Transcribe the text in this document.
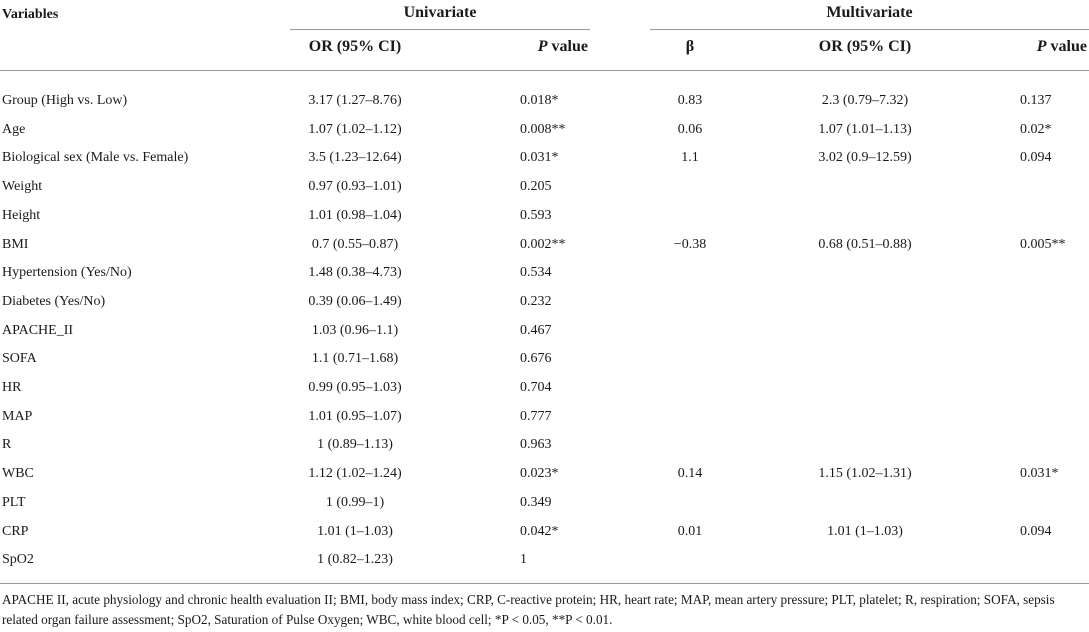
Variables	Univariate	Multivariate
OR (95% CI)	P value	β	OR (95% CI)	P value
Group (High vs. Low)	3.17 (1.27–8.76)	0.018*	0.83	2.3 (0.79–7.32)	0.137
Age	1.07 (1.02–1.12)	0.008**	0.06	1.07 (1.01–1.13)	0.02*
Biological sex (Male vs. Female)	3.5 (1.23–12.64)	0.031*	1.1	3.02 (0.9–12.59)	0.094
Weight	0.97 (0.93–1.01)	0.205
Height	1.01 (0.98–1.04)	0.593
BMI	0.7 (0.55–0.87)	0.002**	−0.38	0.68 (0.51–0.88)	0.005**
Hypertension (Yes/No)	1.48 (0.38–4.73)	0.534
Diabetes (Yes/No)	0.39 (0.06–1.49)	0.232
APACHE_II	1.03 (0.96–1.1)	0.467
SOFA	1.1 (0.71–1.68)	0.676
HR	0.99 (0.95–1.03)	0.704
MAP	1.01 (0.95–1.07)	0.777
R	1 (0.89–1.13)	0.963
WBC	1.12 (1.02–1.24)	0.023*	0.14	1.15 (1.02–1.31)	0.031*
PLT	1 (0.99–1)	0.349
CRP	1.01 (1–1.03)	0.042*	0.01	1.01 (1–1.03)	0.094
SpO2	1 (0.82–1.23)	1
APACHE II, acute physiology and chronic health evaluation II; BMI, body mass index; CRP, C-reactive protein; HR, heart rate; MAP, mean artery pressure; PLT, platelet; R, respiration; SOFA, sepsis related organ failure assessment; SpO2, Saturation of Pulse Oxygen; WBC, white blood cell; *P < 0.05, **P < 0.01.
